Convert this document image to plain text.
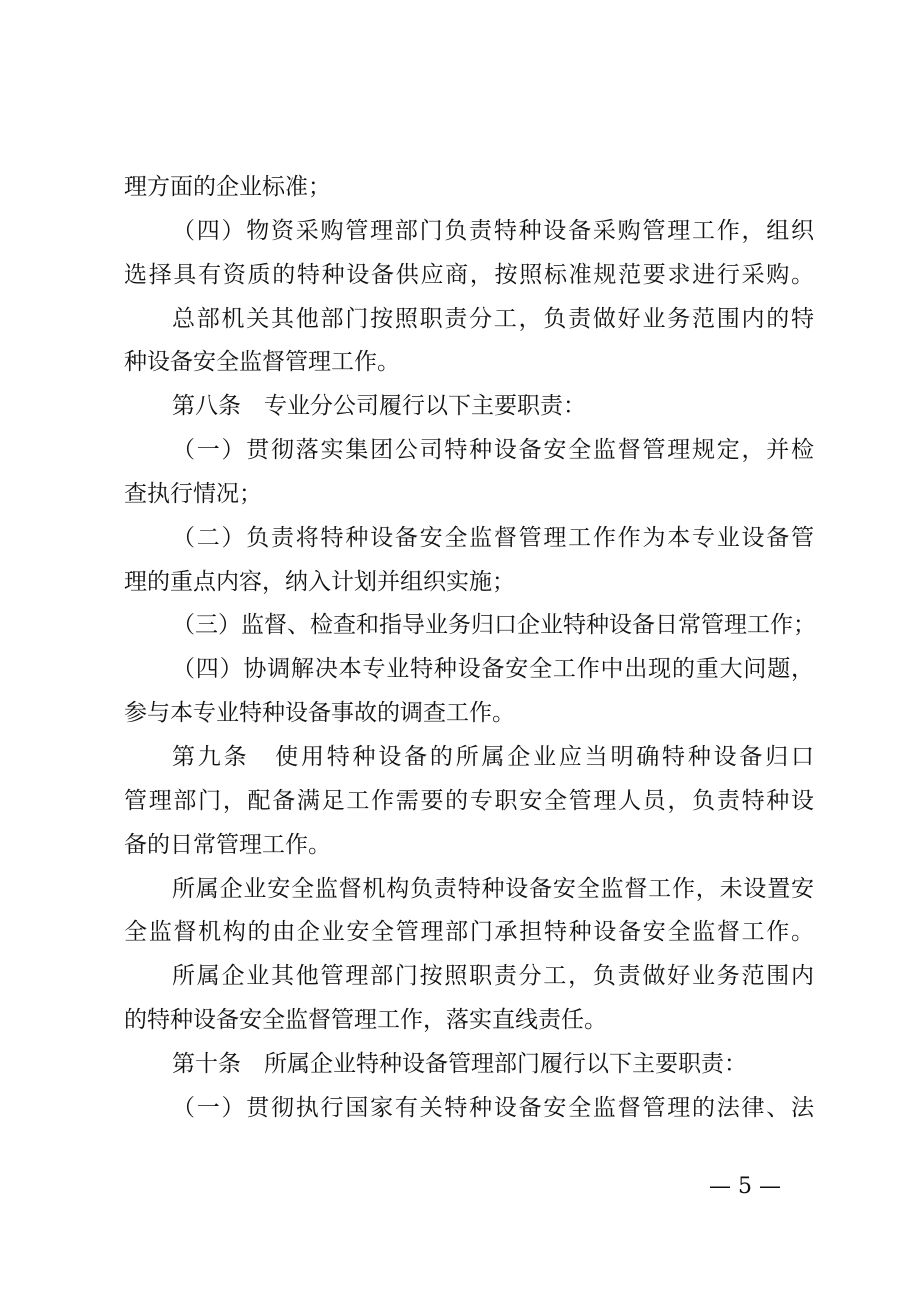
理方面的企业标准；
（四）物资采购管理部门负责特种设备采购管理工作，组织
选择具有资质的特种设备供应商，按照标准规范要求进行采购。
总部机关其他部门按照职责分工，负责做好业务范围内的特
种设备安全监督管理工作。
第八条　专业分公司履行以下主要职责：
（一）贯彻落实集团公司特种设备安全监督管理规定，并检
查执行情况；
（二）负责将特种设备安全监督管理工作作为本专业设备管
理的重点内容，纳入计划并组织实施；
（三）监督、检查和指导业务归口企业特种设备日常管理工作；
（四）协调解决本专业特种设备安全工作中出现的重大问题，
参与本专业特种设备事故的调查工作。
第九条　使用特种设备的所属企业应当明确特种设备归口
管理部门，配备满足工作需要的专职安全管理人员，负责特种设
备的日常管理工作。
所属企业安全监督机构负责特种设备安全监督工作，未设置安
全监督机构的由企业安全管理部门承担特种设备安全监督工作。
所属企业其他管理部门按照职责分工，负责做好业务范围内
的特种设备安全监督管理工作，落实直线责任。
第十条　所属企业特种设备管理部门履行以下主要职责：
（一）贯彻执行国家有关特种设备安全监督管理的法律、法
— 5 —
